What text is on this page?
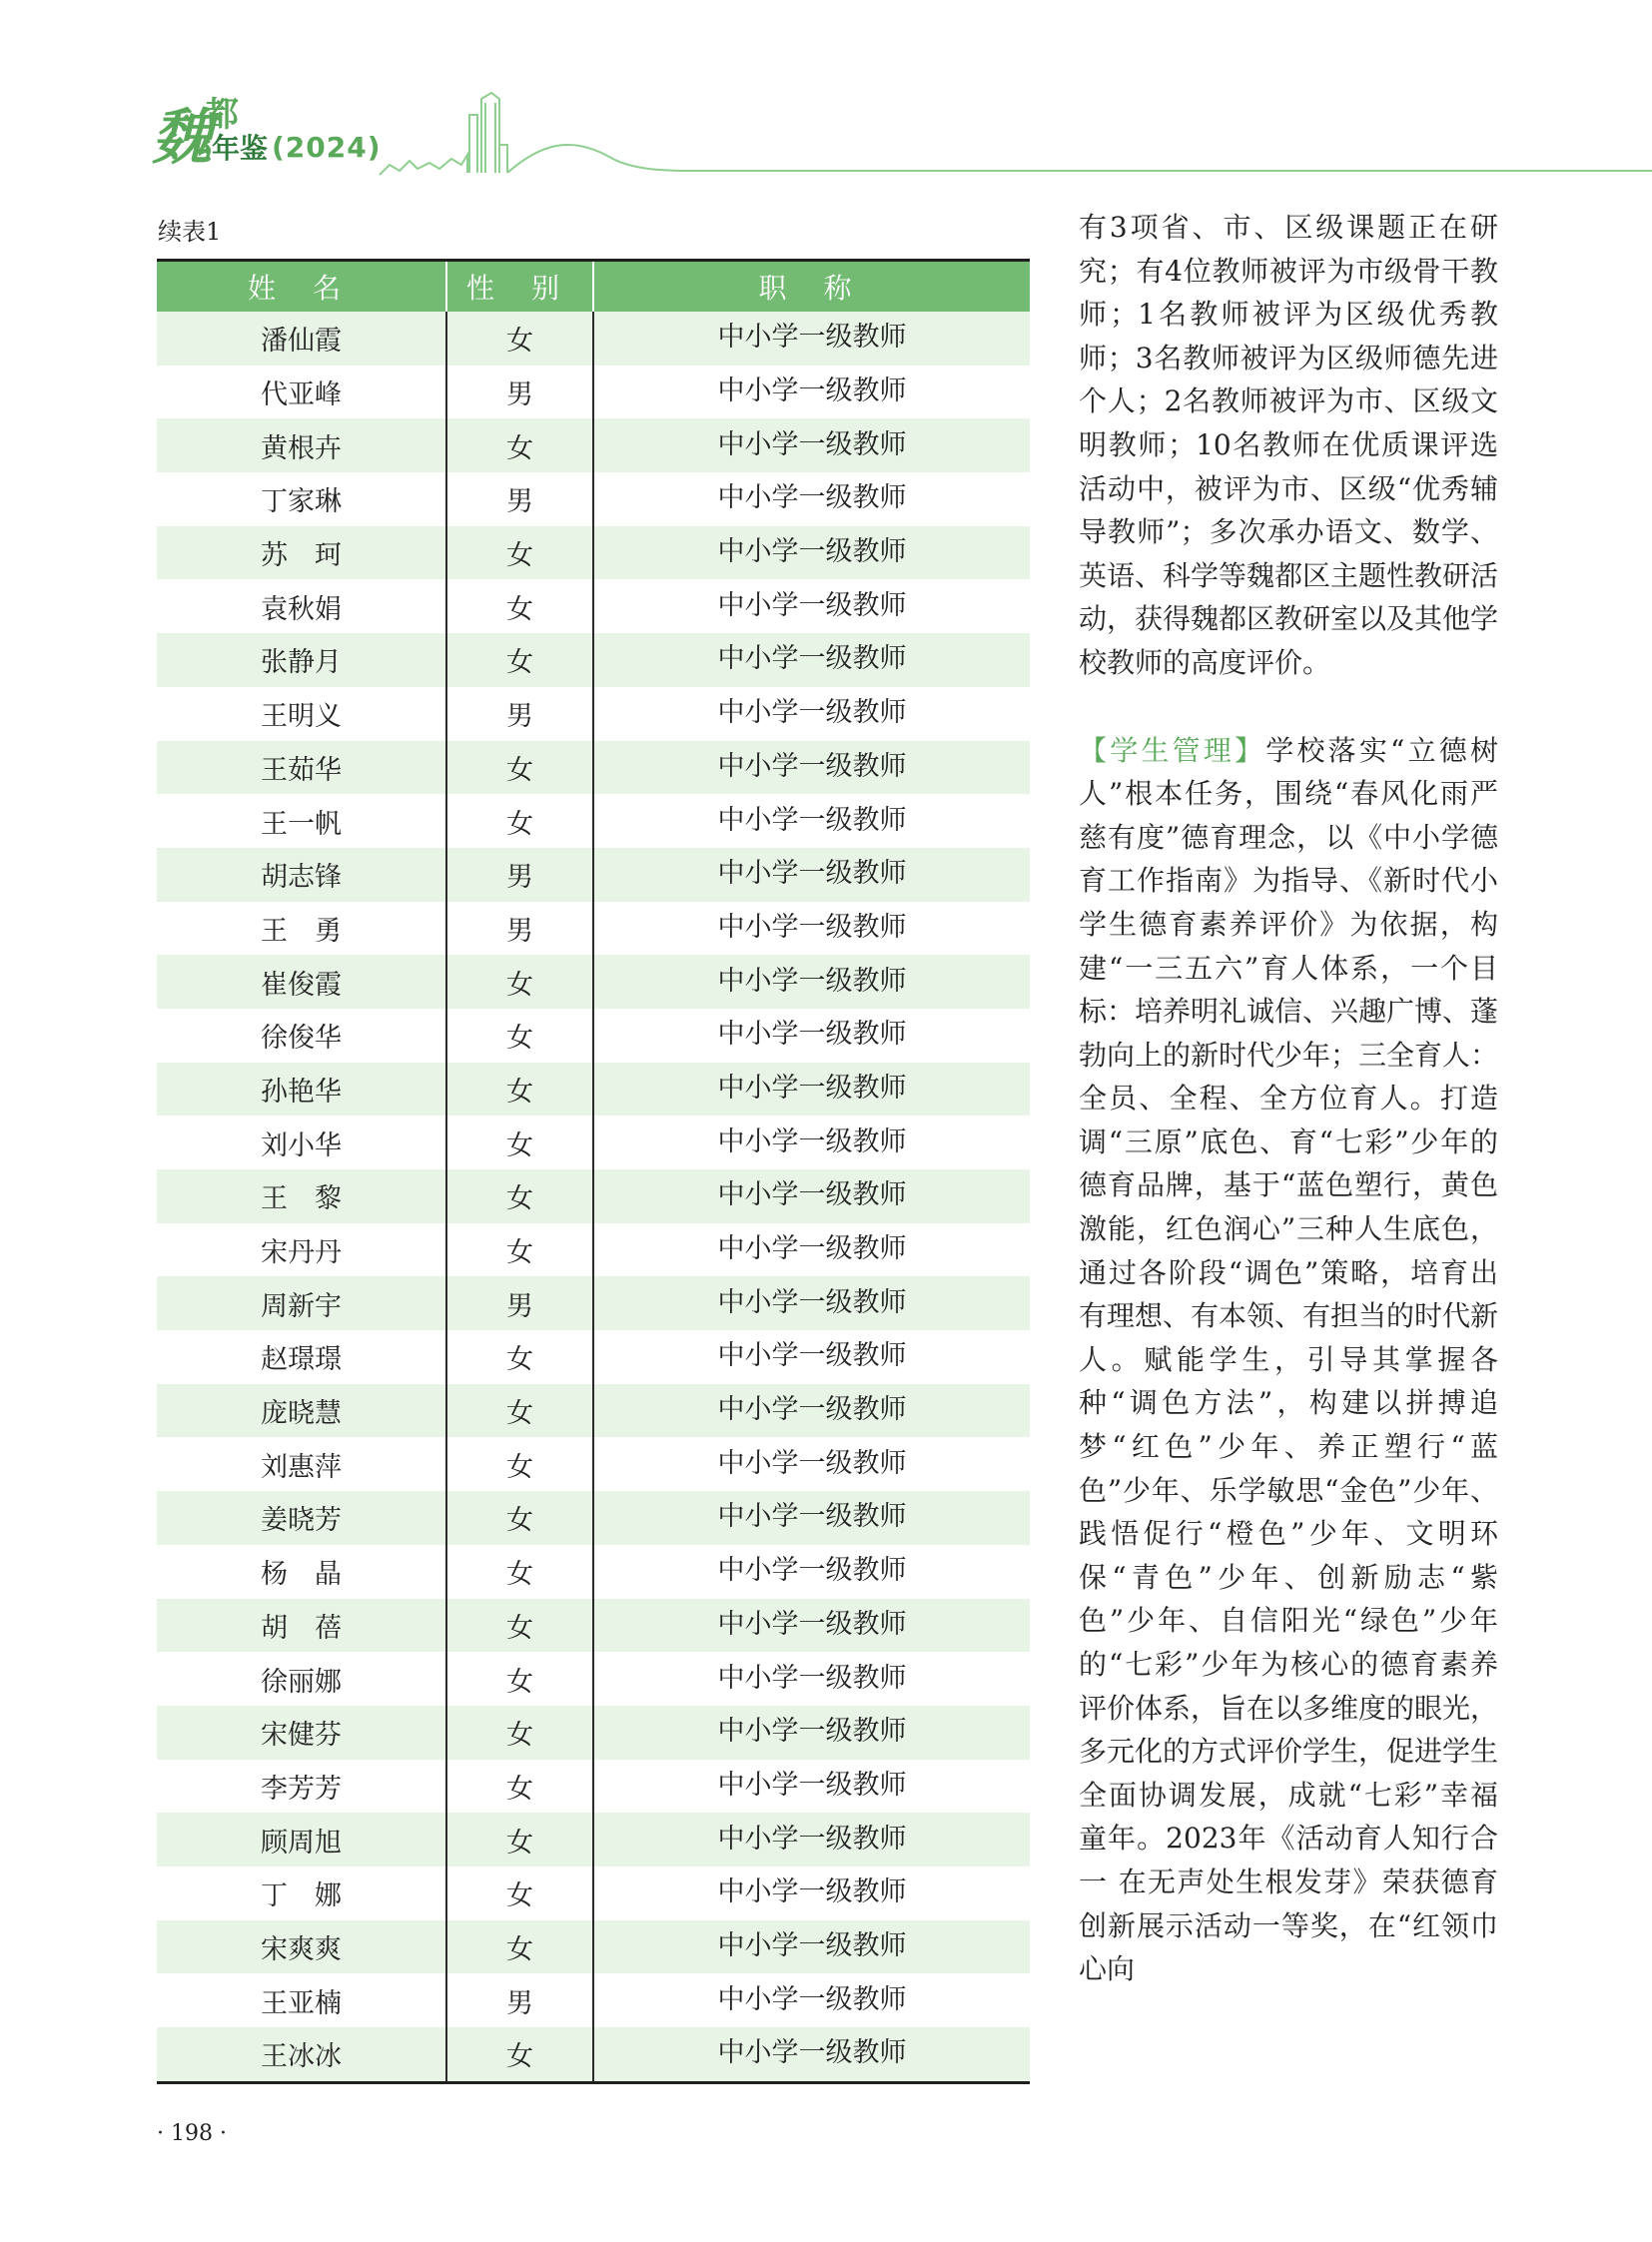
魏
都
年鉴 (2024)
续表1
姓 名	性 别	职 称
潘仙霞	女	中小学一级教师
代亚峰	男	中小学一级教师
黄根卉	女	中小学一级教师
丁家琳	男	中小学一级教师
苏　珂	女	中小学一级教师
袁秋娟	女	中小学一级教师
张静月	女	中小学一级教师
王明义	男	中小学一级教师
王茹华	女	中小学一级教师
王一帆	女	中小学一级教师
胡志锋	男	中小学一级教师
王　勇	男	中小学一级教师
崔俊霞	女	中小学一级教师
徐俊华	女	中小学一级教师
孙艳华	女	中小学一级教师
刘小华	女	中小学一级教师
王　黎	女	中小学一级教师
宋丹丹	女	中小学一级教师
周新宇	男	中小学一级教师
赵璟璟	女	中小学一级教师
庞晓慧	女	中小学一级教师
刘惠萍	女	中小学一级教师
姜晓芳	女	中小学一级教师
杨　晶	女	中小学一级教师
胡　蓓	女	中小学一级教师
徐丽娜	女	中小学一级教师
宋健芬	女	中小学一级教师
李芳芳	女	中小学一级教师
顾周旭	女	中小学一级教师
丁　娜	女	中小学一级教师
宋爽爽	女	中小学一级教师
王亚楠	男	中小学一级教师
王冰冰	女	中小学一级教师

有3项省、市、区级课题正在研究；有4位教师被评为市级骨干教师；1名教师被评为区级优秀教师；3名教师被评为区级师德先进个人；2名教师被评为市、区级文明教师；10名教师在优质课评选活动中，被评为市、区级“优秀辅导教师”；多次承办语文、数学、英语、科学等魏都区主题性教研活动，获得魏都区教研室以及其他学校教师的高度评价。

【学生管理】学校落实“立德树人”根本任务，围绕“春风化雨严慈有度”德育理念，以《中小学德育工作指南》为指导、《新时代小学生德育素养评价》为依据，构建“一三五六”育人体系，一个目标：培养明礼诚信、兴趣广博、蓬勃向上的新时代少年；三全育人：全员、全程、全方位育人。打造调“三原”底色、育“七彩”少年的德育品牌，基于“蓝色塑行，黄色激能，红色润心”三种人生底色，通过各阶段“调色”策略，培育出有理想、有本领、有担当的时代新人。赋能学生，引导其掌握各种“调色方法”，构建以拼搏追梦“红色”少年、养正塑行“蓝色”少年、乐学敏思“金色”少年、践悟促行“橙色”少年、文明环保“青色”少年、创新励志“紫色”少年、自信阳光“绿色”少年的“七彩”少年为核心的德育素养评价体系，旨在以多维度的眼光，多元化的方式评价学生，促进学生全面协调发展，成就“七彩”幸福童年。2023年《活动育人知行合一 在无声处生根发芽》荣获德育创新展示活动一等奖，在“红领巾心向

· 198 ·
